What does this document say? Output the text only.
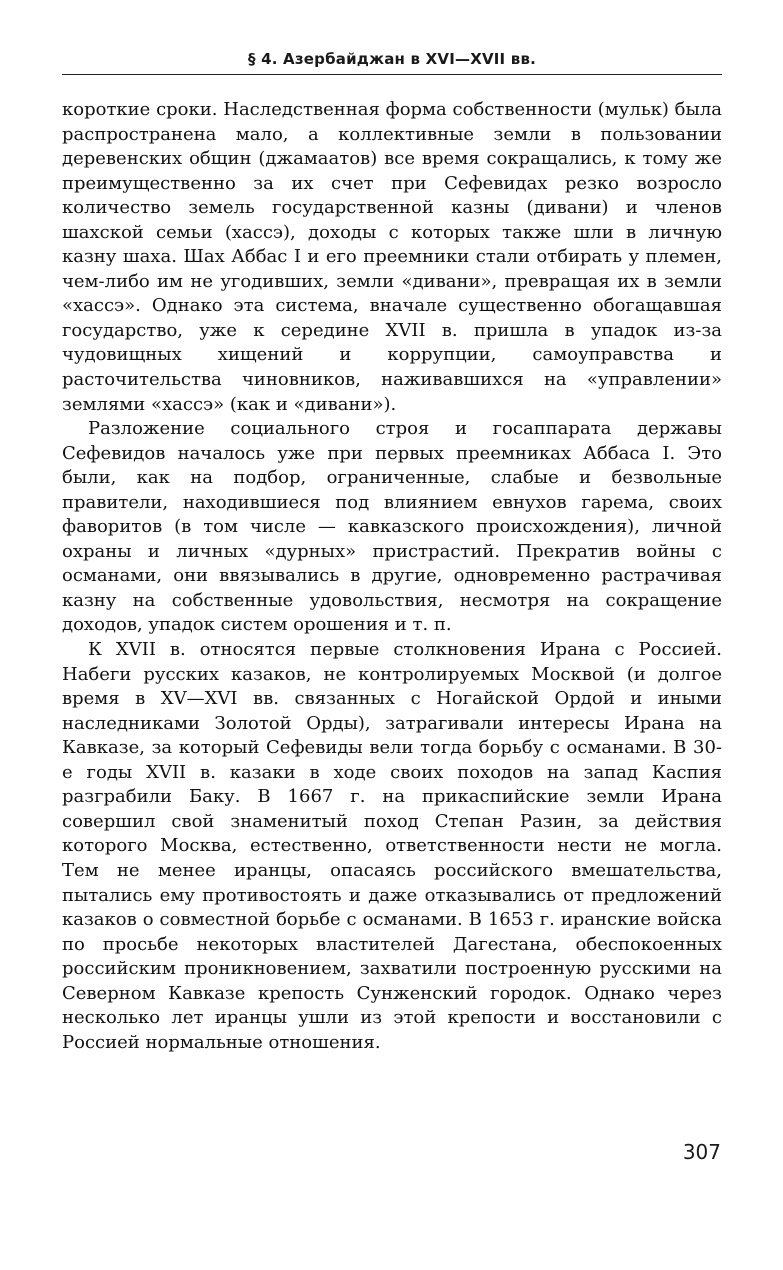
§ 4. Азербайджан в XVI—XVII вв.

короткие сроки. Наследственная форма собственности (мульк) была распространена мало, а коллективные земли в пользовании деревенских общин (джамаатов) все время сокращались, к тому же преимущественно за их счет при Сефевидах резко возросло количество земель государственной казны (дивани) и членов шахской семьи (хассэ), доходы с которых также шли в личную казну шаха. Шах Аббас I и его преемники стали отбирать у племен, чем-либо им не угодивших, земли «дивани», превращая их в земли «хассэ». Однако эта система, вначале существенно обогащавшая государство, уже к середине XVII в. пришла в упадок из-за чудовищных хищений и коррупции, самоуправства и расточительства чиновников, наживавшихся на «управлении» землями «хассэ» (как и «дивани»).

Разложение социального строя и госаппарата державы Сефевидов началось уже при первых преемниках Аббаса I. Это были, как на подбор, ограниченные, слабые и безвольные правители, находившиеся под влиянием евнухов гарема, своих фаворитов (в том числе — кавказского происхождения), личной охраны и личных «дурных» пристрастий. Прекратив войны с османами, они ввязывались в другие, одновременно растрачивая казну на собственные удовольствия, несмотря на сокращение доходов, упадок систем орошения и т. п.

К XVII в. относятся первые столкновения Ирана с Россией. Набеги русских казаков, не контролируемых Москвой (и долгое время в XV—XVI вв. связанных с Ногайской Ордой и иными наследниками Золотой Орды), затрагивали интересы Ирана на Кавказе, за который Сефевиды вели тогда борьбу с османами. В 30-е годы XVII в. казаки в ходе своих походов на запад Каспия разграбили Баку. В 1667 г. на прикаспийские земли Ирана совершил свой знаменитый поход Степан Разин, за действия которого Москва, естественно, ответственности нести не могла. Тем не менее иранцы, опасаясь российского вмешательства, пытались ему противостоять и даже отказывались от предложений казаков о совместной борьбе с османами. В 1653 г. иранские войска по просьбе некоторых властителей Дагестана, обеспокоенных российским проникновением, захватили построенную русскими на Северном Кавказе крепость Сунженский городок. Однако через несколько лет иранцы ушли из этой крепости и восстановили с Россией нормальные отношения.

307
